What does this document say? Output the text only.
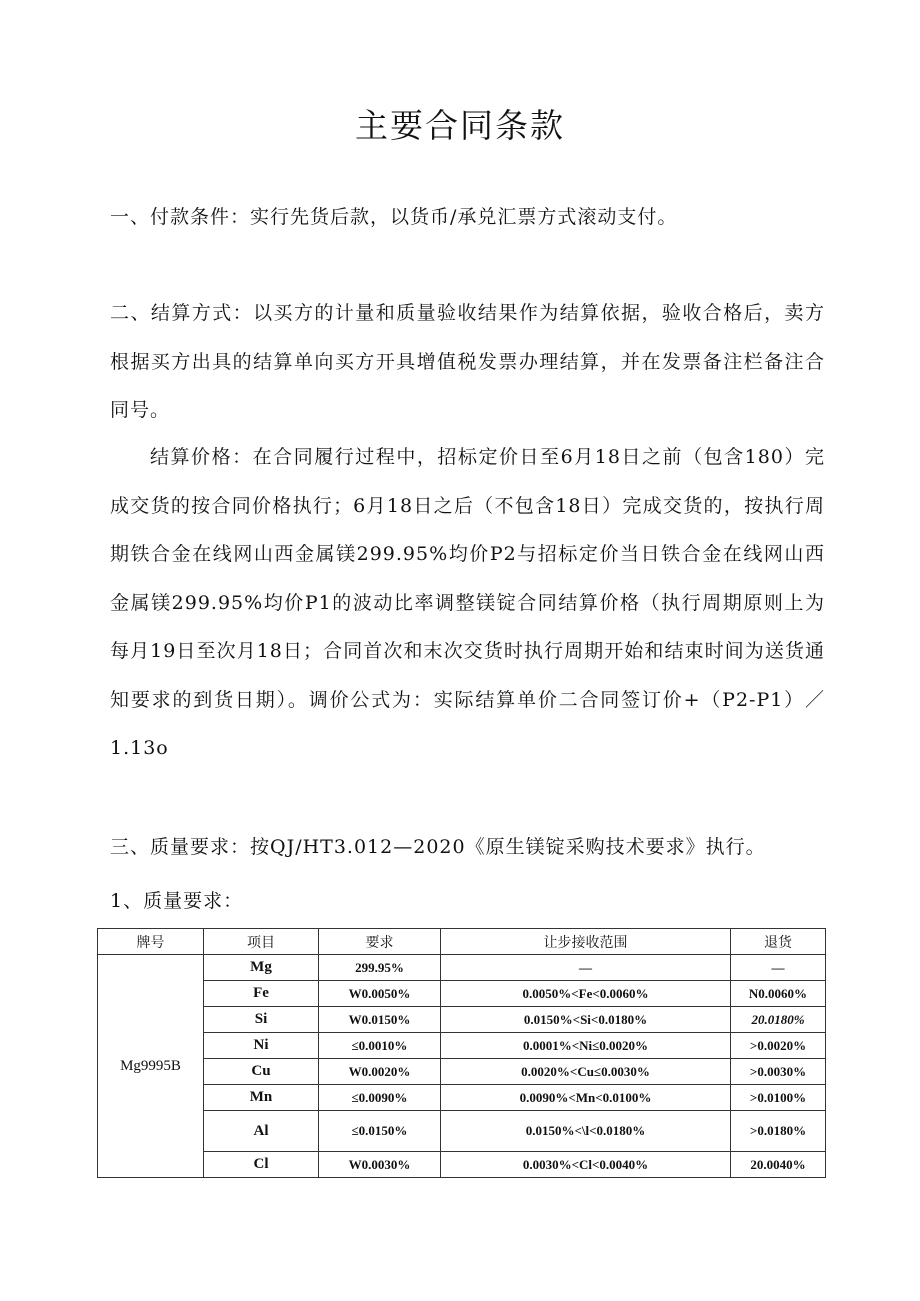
主要合同条款

一、付款条件：实行先货后款，以货币/承兑汇票方式滚动支付。

二、结算方式：以买方的计量和质量验收结果作为结算依据，验收合格后，卖方根据买方出具的结算单向买方开具增值税发票办理结算，并在发票备注栏备注合同号。

结算价格：在合同履行过程中，招标定价日至6月18日之前（包含180）完成交货的按合同价格执行；6月18日之后（不包含18日）完成交货的，按执行周期铁合金在线网山西金属镁299.95%均价P2与招标定价当日铁合金在线网山西金属镁299.95%均价P1的波动比率调整镁锭合同结算价格（执行周期原则上为每月19日至次月18日；合同首次和末次交货时执行周期开始和结束时间为送货通知要求的到货日期）。调价公式为：实际结算单价二合同签订价+（P2-P1）／1.13o

三、质量要求：按QJ/HT3.012—2020《原生镁锭采购技术要求》执行。

1、质量要求：

牌号	项目	要求	让步接收范围	退货
Mg9995B	Mg	299.95%	—	—
	Fe	W0.0050%	0.0050%<Fe<0.0060%	N0.0060%
	Si	W0.0150%	0.0150%<Si<0.0180%	20.0180%
	Ni	≤0.0010%	0.0001%<Ni≤0.0020%	>0.0020%
	Cu	W0.0020%	0.0020%<Cu≤0.0030%	>0.0030%
	Mn	≤0.0090%	0.0090%<Mn<0.0100%	>0.0100%
	Al	≤0.0150%	0.0150%<\l<0.0180%	>0.0180%
	Cl	W0.0030%	0.0030%<Cl<0.0040%	20.0040%
